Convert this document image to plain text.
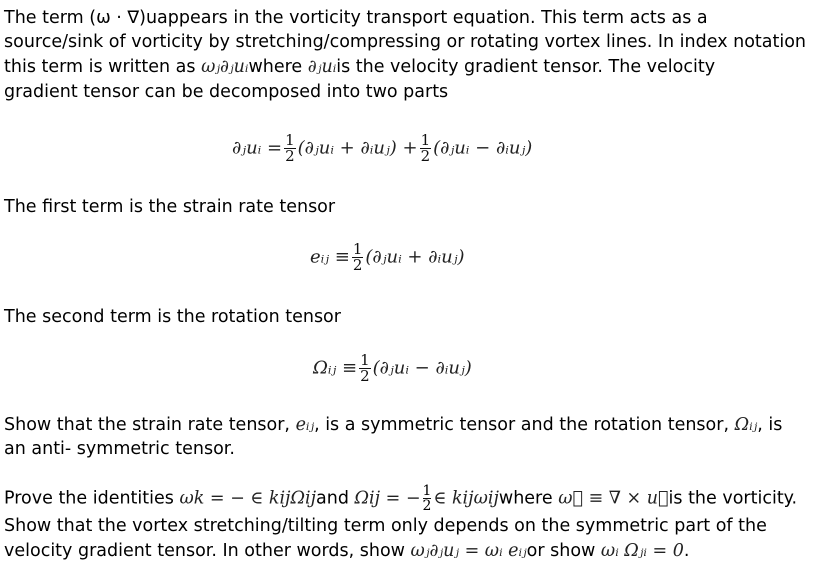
The term (ω · ∇)uappears in the vorticity transport equation. This term acts as a
source/sink of vorticity by stretching/compressing or rotating vortex lines. In index notation
this term is written as ωⱼ∂ⱼuᵢwhere ∂ⱼuᵢis the velocity gradient tensor. The velocity
gradient tensor can be decomposed into two parts
∂ⱼuᵢ = $\frac{1}{2}$ (∂ⱼuᵢ + ∂ᵢuⱼ) + $\frac{1}{2}$ (∂ⱼuᵢ − ∂ᵢuⱼ)
The first term is the strain rate tensor
eᵢⱼ ≡ $\frac{1}{2}$ (∂ⱼuᵢ + ∂ᵢuⱼ)
The second term is the rotation tensor
Ωᵢⱼ ≡ $\frac{1}{2}$ (∂ⱼuᵢ − ∂ᵢuⱼ)
Show that the strain rate tensor, eᵢⱼ, is a symmetric tensor and the rotation tensor, Ωᵢⱼ, is
an anti- symmetric tensor.
Prove the identities ωk = − ∈ kijΩijand Ωij = − $\frac{1}{2}$ ∈ kijωijwhere ω⃗ ≡ ∇ × u⃗is the vorticity.
Show that the vortex stretching/tilting term only depends on the symmetric part of the
velocity gradient tensor. In other words, show ωⱼ∂ⱼuⱼ = ωᵢ eᵢⱼor show ωᵢ Ωⱼᵢ = 0.
